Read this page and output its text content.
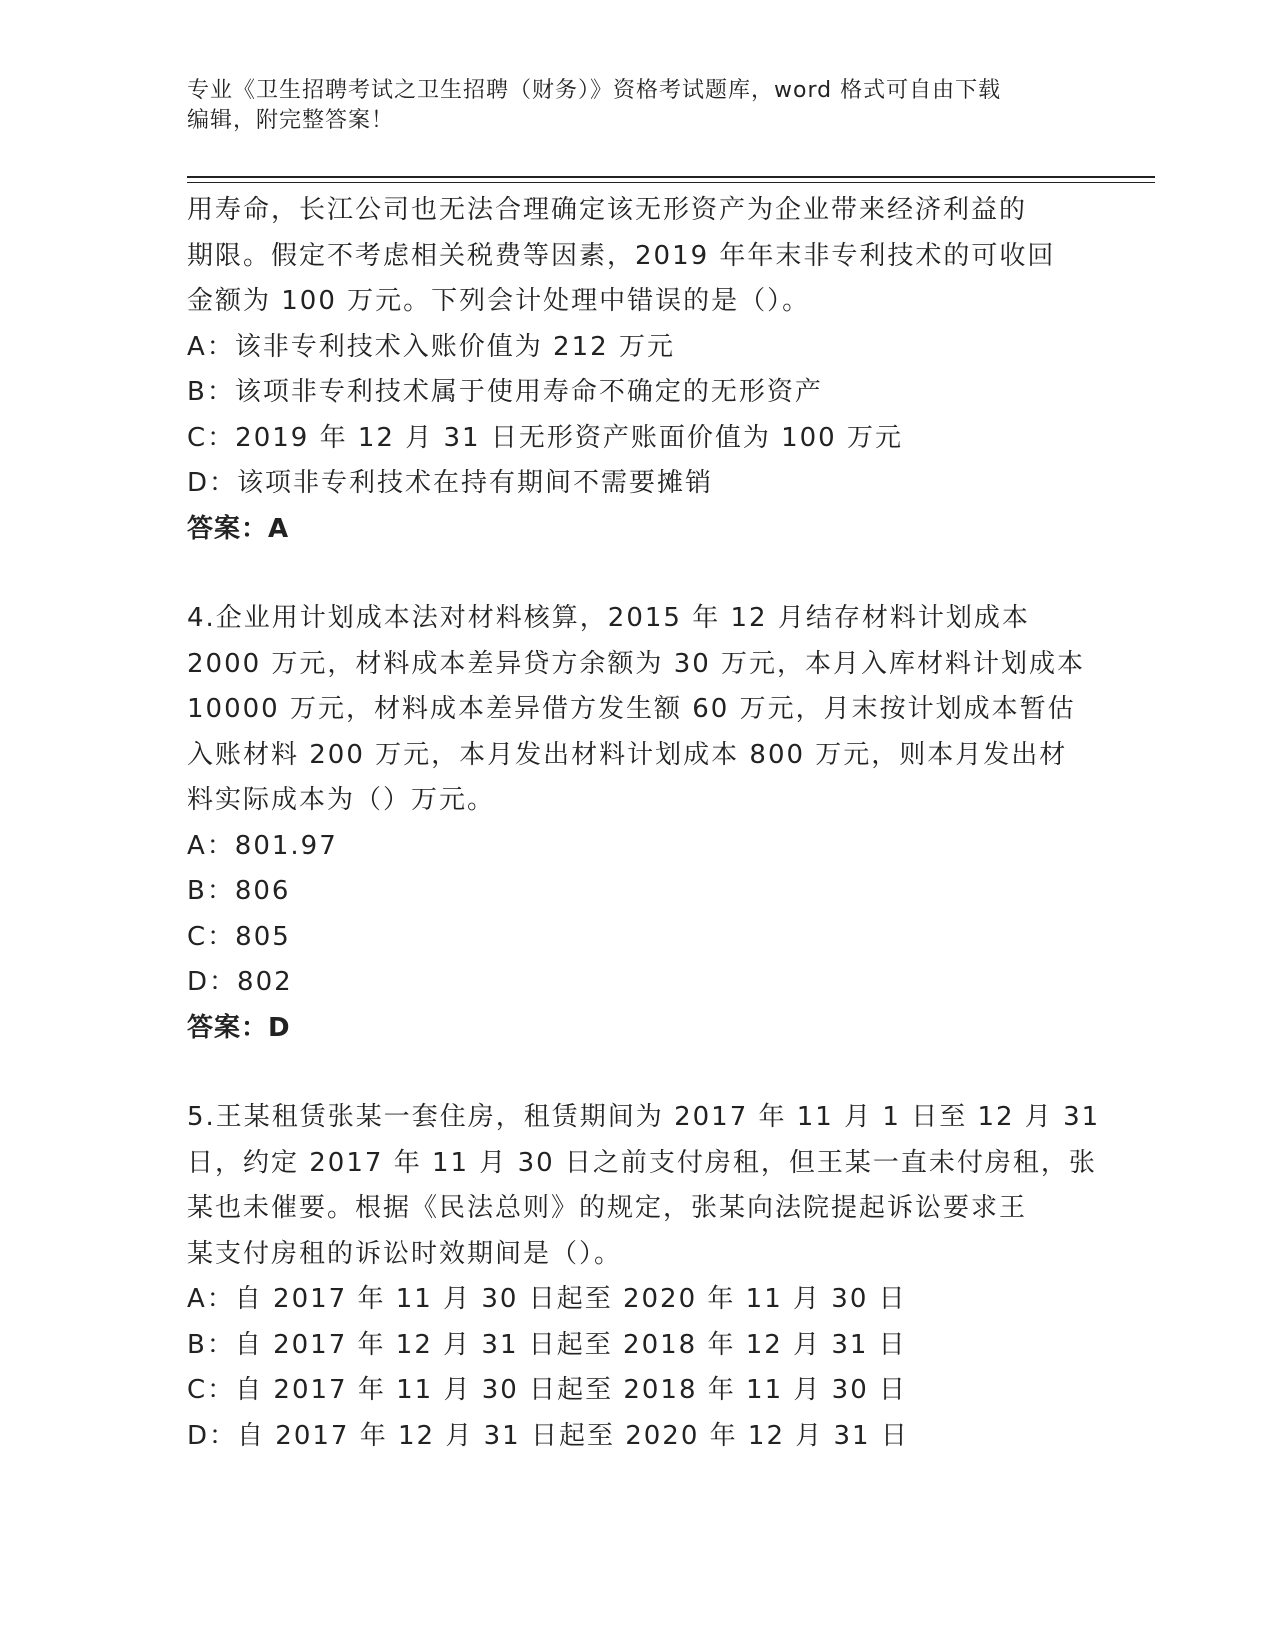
专业《卫生招聘考试之卫生招聘（财务）》资格考试题库，word 格式可自由下载
编辑，附完整答案！
用寿命，长江公司也无法合理确定该无形资产为企业带来经济利益的
期限。假定不考虑相关税费等因素，2019 年年末非专利技术的可收回
金额为 100 万元。下列会计处理中错误的是（）。
A：该非专利技术入账价值为 212 万元
B：该项非专利技术属于使用寿命不确定的无形资产
C：2019 年 12 月 31 日无形资产账面价值为 100 万元
D：该项非专利技术在持有期间不需要摊销
答案：A
4.企业用计划成本法对材料核算，2015 年 12 月结存材料计划成本
2000 万元，材料成本差异贷方余额为 30 万元，本月入库材料计划成本
10000 万元，材料成本差异借方发生额 60 万元，月末按计划成本暂估
入账材料 200 万元，本月发出材料计划成本 800 万元，则本月发出材
料实际成本为（）万元。
A：801.97
B：806
C：805
D：802
答案：D
5.王某租赁张某一套住房，租赁期间为 2017 年 11 月 1 日至 12 月 31
日，约定 2017 年 11 月 30 日之前支付房租，但王某一直未付房租，张
某也未催要。根据《民法总则》的规定，张某向法院提起诉讼要求王
某支付房租的诉讼时效期间是（）。
A：自 2017 年 11 月 30 日起至 2020 年 11 月 30 日
B：自 2017 年 12 月 31 日起至 2018 年 12 月 31 日
C：自 2017 年 11 月 30 日起至 2018 年 11 月 30 日
D：自 2017 年 12 月 31 日起至 2020 年 12 月 31 日
